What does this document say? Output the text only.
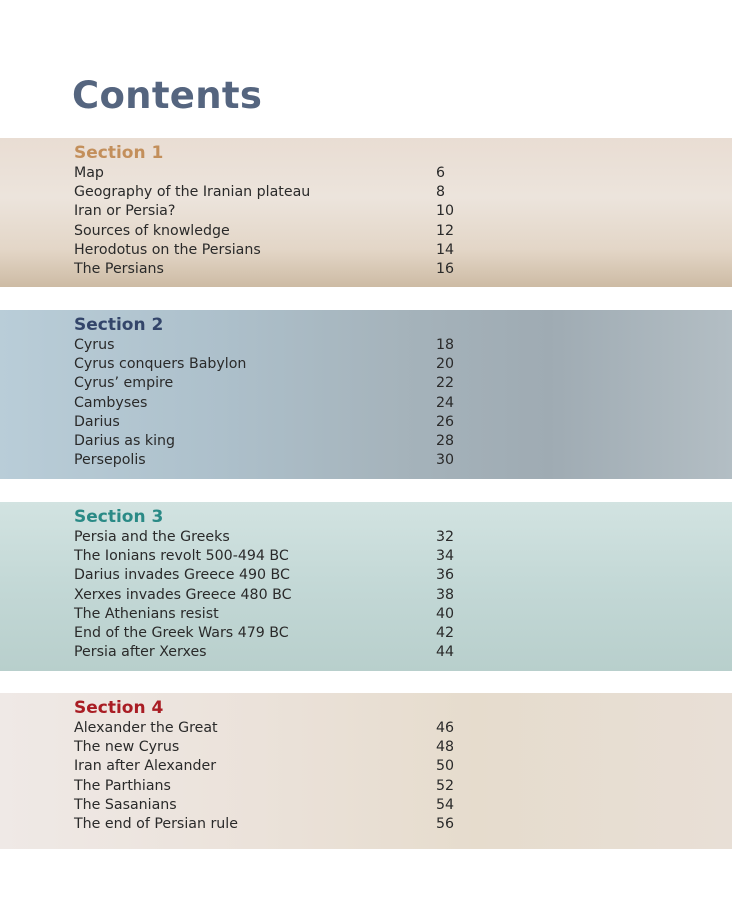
Contents
Section 1
Map	6
Geography of the Iranian plateau	8
Iran or Persia?	10
Sources of knowledge	12
Herodotus on the Persians	14
The Persians	16
Section 2
Cyrus	18
Cyrus conquers Babylon	20
Cyrus’ empire	22
Cambyses	24
Darius	26
Darius as king	28
Persepolis	30
Section 3
Persia and the Greeks	32
The Ionians revolt 500-494 BC	34
Darius invades Greece 490 BC	36
Xerxes invades Greece 480 BC	38
The Athenians resist	40
End of the Greek Wars 479 BC	42
Persia after Xerxes	44
Section 4
Alexander the Great	46
The new Cyrus	48
Iran after Alexander	50
The Parthians	52
The Sasanians	54
The end of Persian rule	56
